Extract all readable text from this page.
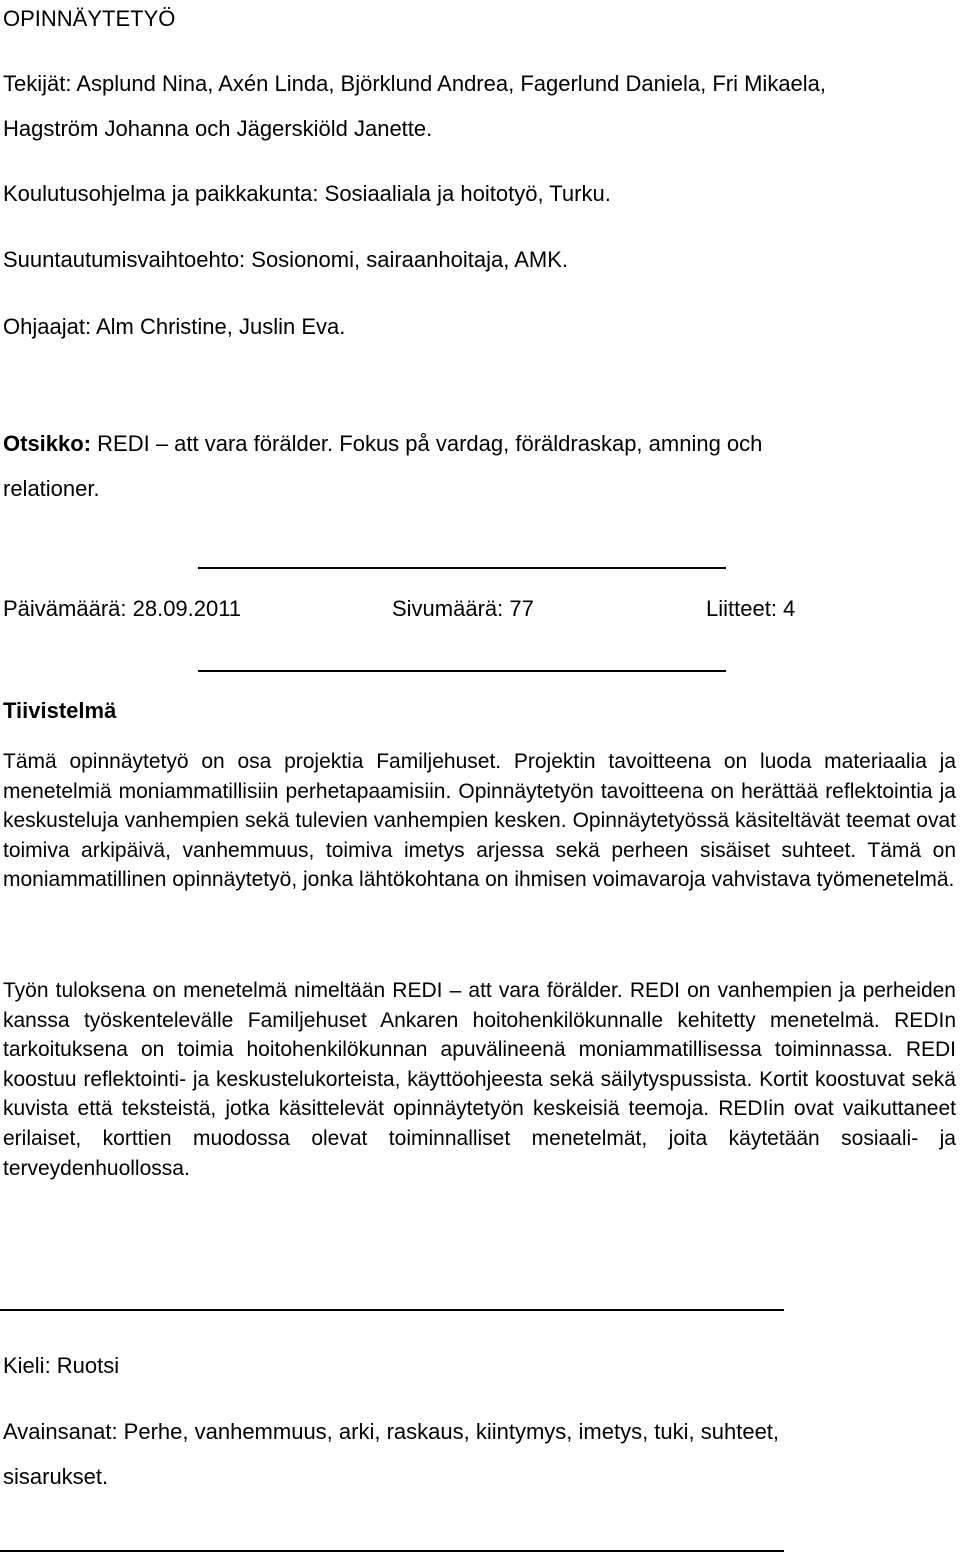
OPINNÄYTETYÖ
Tekijät: Asplund Nina, Axén Linda, Björklund Andrea, Fagerlund Daniela, Fri Mikaela,
Hagström Johanna och Jägerskiöld Janette.
Koulutusohjelma ja paikkakunta: Sosiaaliala ja hoitotyö, Turku.
Suuntautumisvaihtoehto: Sosionomi, sairaanhoitaja, AMK.
Ohjaajat: Alm Christine, Juslin Eva.
Otsikko: REDI – att vara förälder. Fokus på vardag, föräldraskap, amning och
relationer.
Päivämäärä: 28.09.2011	Sivumäärä: 77	Liitteet: 4
Tiivistelmä

Tämä opinnäytetyö on osa projektia Familjehuset. Projektin tavoitteena on luoda materiaalia ja menetelmiä moniammatillisiin perhetapaamisiin. Opinnäytetyön tavoitteena on herättää reflektointia ja keskusteluja vanhempien sekä tulevien vanhempien kesken. Opinnäytetyössä käsiteltävät teemat ovat toimiva arkipäivä, vanhemmuus, toimiva imetys arjessa sekä perheen sisäiset suhteet. Tämä on moniammatillinen opinnäytetyö, jonka lähtökohtana on ihmisen voimavaroja vahvistava työmenetelmä.

Työn tuloksena on menetelmä nimeltään REDI – att vara förälder. REDI on vanhempien ja perheiden kanssa työskentelevälle Familjehuset Ankaren hoitohenkilökunnalle kehitetty menetelmä. REDIn tarkoituksena on toimia hoitohenkilökunnan apuvälineenä moniammatillisessa toiminnassa. REDI koostuu reflektointi- ja keskustelukorteista, käyttöohjeesta sekä säilytyspussista. Kortit koostuvat sekä kuvista että teksteistä, jotka käsittelevät opinnäytetyön keskeisiä teemoja. REDIin ovat vaikuttaneet erilaiset, korttien muodossa olevat toiminnalliset menetelmät, joita käytetään sosiaali- ja terveydenhuollossa.

Kieli: Ruotsi
Avainsanat: Perhe, vanhemmuus, arki, raskaus, kiintymys, imetys, tuki, suhteet,
sisarukset.
